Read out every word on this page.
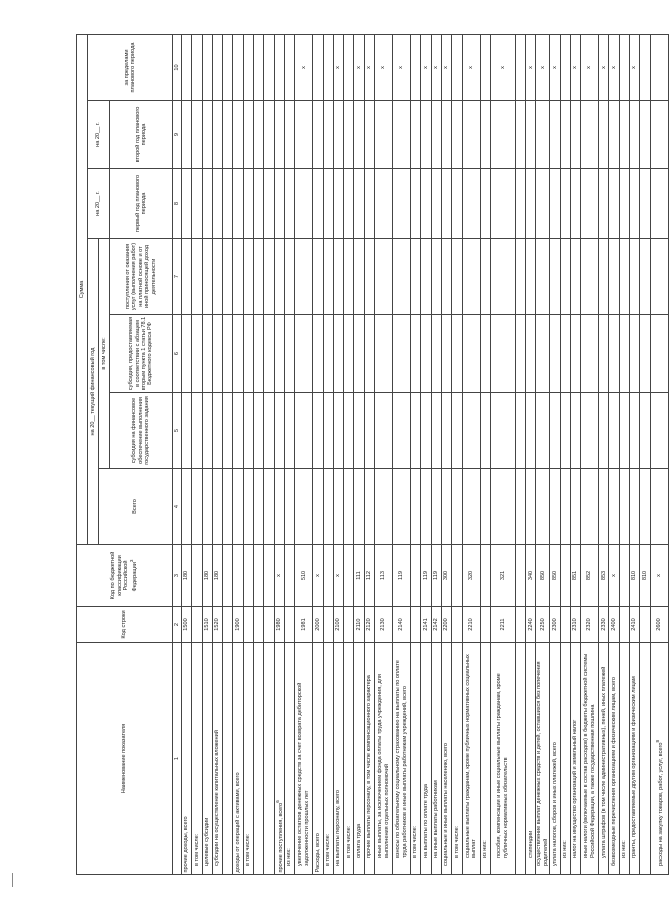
Наименование показателя	Код строки	Код по бюджетной классификации Российской Федерации$^3$	Сумма						
			на 20__ текущий финансовый год				на 20__ г.	на 20__ г.	за пределами планового периода
			Всего	в том числе:					
				субсидия на финансовое обеспечение выполнения государственного задания	субсидия, предоставляемая в соответствии с абзацем вторым пункта 1 статьи 78.1 Бюджетного кодекса РФ	поступления от оказания услуг (выполнения работ) на платной основе и от иной приносящей доход деятельности	первый год планового периода	второй год планового периода	
1	2	3	4	5	6	7	8	9	10
прочие доходы, всего	1500	180							
в том числе:									
целевые субсидии	1510	180							
субсидии на осуществление капитальных вложений	1520	180							

доходы от операций с активами, всего	1900								
в том числе:									

прочие поступления, всего$^6$	1980	x							
из них:									
увеличение остатков денежных средств за счет возврата дебиторской задолженности прошлых лет	1981	510							x
Расходы, всего	2000	x							
в том числе:									
на выплаты персоналу, всего	2100	x							x
в том числе:									
оплата труда	2110	111							x
прочие выплаты персоналу, в том числе компенсационного характера	2120	112							x
иные выплаты, за исключением фонда оплаты труда учреждения, для выполнения отдельных полномочий	2130	113							x
взносы по обязательному социальному страхованию на выплаты по оплате труда работников и иные выплаты работникам учреждений, всего	2140	119							x
в том числе:									
на выплаты по оплате труда	2141	119							x
на иные выплаты работникам	2142	119							x
социальные и иные выплаты населению, всего	2200	300							x
в том числе:									
социальные выплаты гражданам, кроме публичных нормативных социальных выплат	2210	320							x
из них:									
пособия, компенсации и иные социальные выплаты гражданам, кроме публичных нормативных обязательств	2211	321							x

стипендии	2240	340							x
осуществление выплат денежных средств и детей, оставшихся без попечения родителей	2250	850							x
уплата налогов, сборов и иных платежей, всего	2300	850							x
из них:									
налог на имущество организаций и земельный налог	2310	851							x
иные налоги (включаемые в состав расходов) в бюджеты бюджетной системы Российской Федерации, а также государственная пошлина	2320	852							x
уплата штрафов (в том числе административных), пеней, иных платежей	2330	853							x
безвозмездные перечисления организациям и физическим лицам, всего	2400	x							x
из них:									
гранты, предоставляемые другим организациям и физическим лицам	2410	810							x
		810							
расходы на закупку товаров, работ, услуг, всего$^8$	2600	x							
